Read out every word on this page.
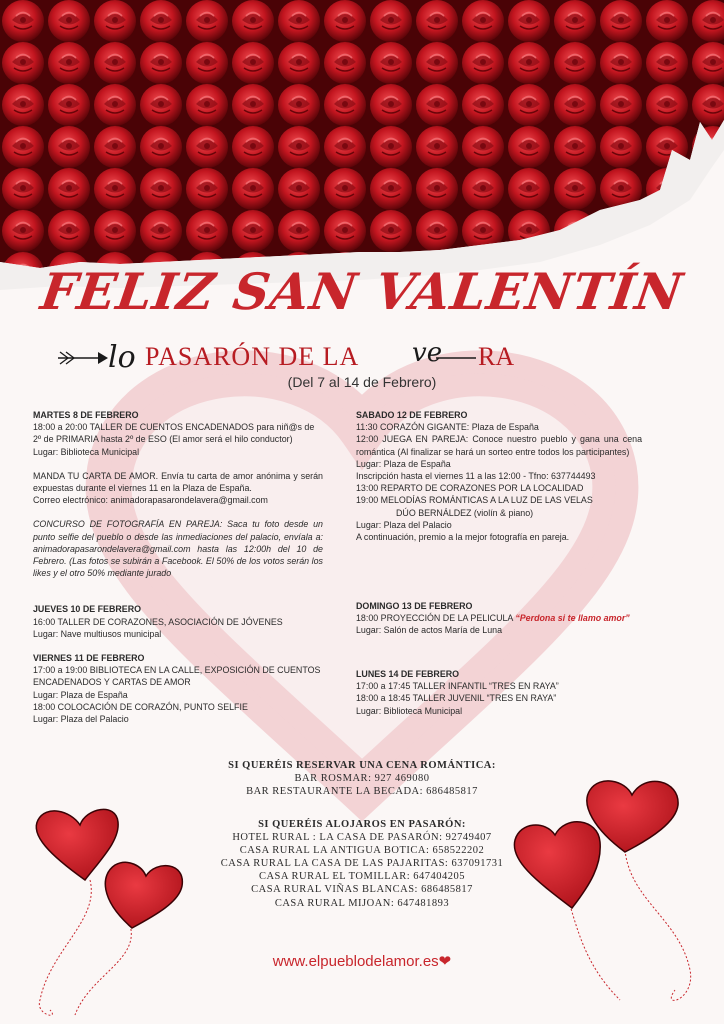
FELIZ SAN VALENTÍN
lo PASARÓN DE LA ve RA
(Del 7 al 14 de Febrero)

MARTES 8 DE FEBRERO

18:00 a 20:00 TALLER DE CUENTOS ENCADENADOS para niñ@s de 2º de PRIMARIA hasta 2º de ESO (El amor será el hilo conductor)

Lugar: Biblioteca Municipal

MANDA TU CARTA DE AMOR. Envía tu carta de amor anónima y serán expuestas durante el viernes 11 en la Plaza de España.

Correo electrónico: animadorapasarondelavera@gmail.com

CONCURSO DE FOTOGRAFÍA EN PAREJA: Saca tu foto desde un punto selfie del pueblo o desde las inmediaciones del palacio, envíala a: animadorapasarondelavera@gmail.com hasta las 12:00h del 10 de Febrero. (Las fotos se subirán a Facebook. El 50% de los votos serán los likes y el otro 50% mediante jurado

JUEVES 10 DE FEBRERO

16:00 TALLER DE CORAZONES, ASOCIACIÓN DE JÓVENES

Lugar: Nave multiusos municipal

VIERNES 11 DE FEBRERO

17:00 a 19:00 BIBLIOTECA EN LA CALLE, EXPOSICIÓN DE CUENTOS ENCADENADOS Y CARTAS DE AMOR

Lugar: Plaza de España

18:00 COLOCACIÓN DE CORAZÓN, PUNTO SELFIE

Lugar: Plaza del Palacio

SABADO 12 DE FEBRERO

11:30 CORAZÓN GIGANTE: Plaza de España

12:00 JUEGA EN PAREJA: Conoce nuestro pueblo y gana una cena romántica (Al finalizar se hará un sorteo entre todos los participantes)

Lugar: Plaza de España

Inscripción hasta el viernes 11 a las 12:00 - Tfno: 637744493

13:00 REPARTO DE CORAZONES POR LA LOCALIDAD

19:00 MELODÍAS ROMÁNTICAS A LA LUZ DE LAS VELAS

DÚO BERNÁLDEZ (violín & piano)

Lugar: Plaza del Palacio

A continuación, premio a la mejor fotografía en pareja.

DOMINGO 13 DE FEBRERO

18:00 PROYECCIÓN DE LA PELICULA “Perdona si te llamo amor”

Lugar: Salón de actos María de Luna

LUNES 14 DE FEBRERO

17:00 a 17:45 TALLER INFANTIL “TRES EN RAYA”

18:00 a 18:45 TALLER JUVENIL “TRES EN RAYA”

Lugar: Biblioteca Municipal

SI QUERÉIS RESERVAR UNA CENA ROMÁNTICA:
BAR ROSMAR: 927 469080
BAR RESTAURANTE LA BECADA: 686485817
SI QUERÉIS ALOJAROS EN PASARÓN:
HOTEL RURAL : LA CASA DE PASARÓN: 92749407
CASA RURAL LA ANTIGUA BOTICA: 658522202
CASA RURAL LA CASA DE LAS PAJARITAS: 637091731
CASA RURAL EL TOMILLAR: 647404205
CASA RURAL VIÑAS BLANCAS: 686485817
CASA RURAL MIJOAN: 647481893
www.elpueblodelamor.es❤
